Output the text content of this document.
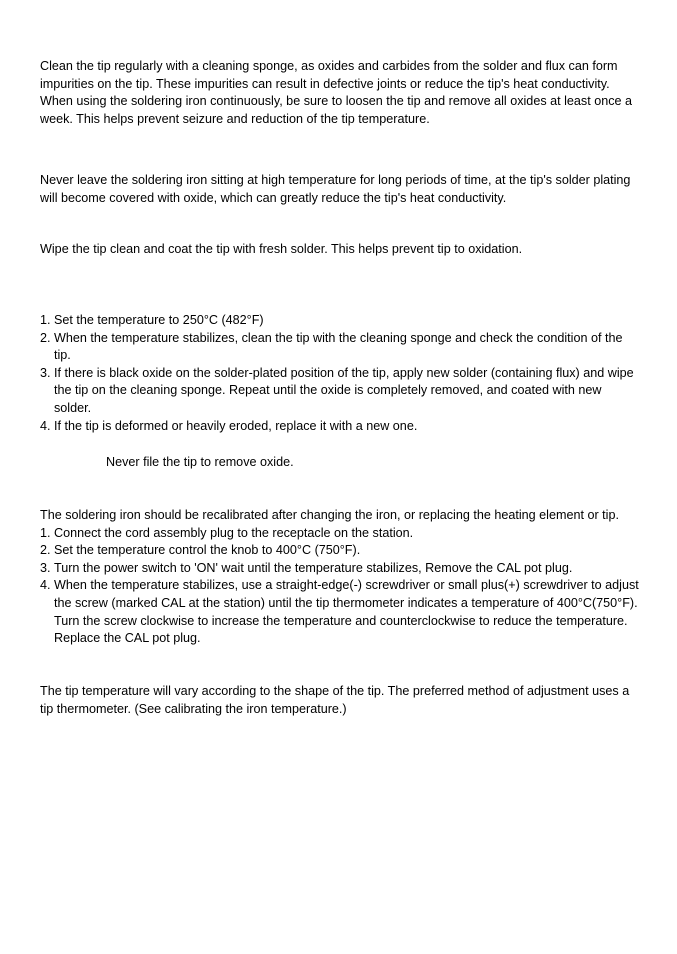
Clean the tip regularly with a cleaning sponge, as oxides and carbides from the solder and flux can form impurities on the tip. These impurities can result in defective joints or reduce the tip's heat conductivity. When using the soldering iron continuously, be sure to loosen the tip and remove all oxides at least once a week. This helps prevent seizure and reduction of the tip temperature.

Never leave the soldering iron sitting at high temperature for long periods of time, at the tip's solder plating will become covered with oxide, which can greatly reduce the tip's heat conductivity.

Wipe the tip clean and coat the tip with fresh solder. This helps prevent tip to oxidation.

1. Set the temperature to 250°C (482°F)
2. When the temperature stabilizes, clean the tip with the cleaning sponge and check the condition of the tip.
3. If there is black oxide on the solder-plated position of the tip, apply new solder (containing flux) and wipe the tip on the cleaning sponge. Repeat until the oxide is completely removed, and coated with new solder.
4. If the tip is deformed or heavily eroded, replace it with a new one.

Never file the tip to remove oxide.

The soldering iron should be recalibrated after changing the iron, or replacing the heating element or tip.

1. Connect the cord assembly plug to the receptacle on the station.
2. Set the temperature control the knob to 400°C (750°F).
3. Turn the power switch to 'ON' wait until the temperature stabilizes, Remove the CAL pot plug.
4. When the temperature stabilizes, use a straight-edge(-) screwdriver or small plus(+) screwdriver to adjust the screw (marked CAL at the station) until the tip thermometer indicates a temperature of 400°C(750°F). Turn the screw clockwise to increase the temperature and counterclockwise to reduce the temperature. Replace the CAL pot plug.

The tip temperature will vary according to the shape of the tip. The preferred method of adjustment uses a tip thermometer. (See calibrating the iron temperature.)
